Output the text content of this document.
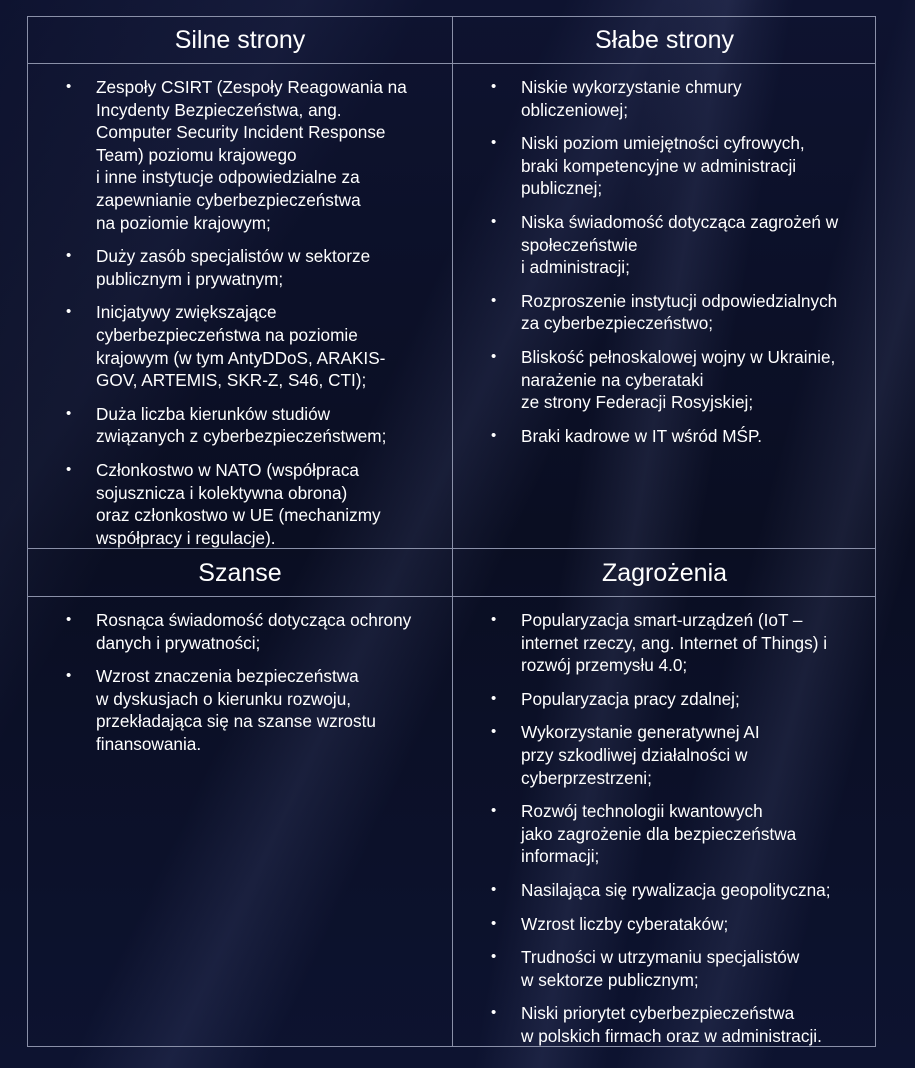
Silne strony
• Zespoły CSIRT (Zespoły Reagowania na
Incydenty Bezpieczeństwa, ang.
Computer Security Incident Response
Team) poziomu krajowego
i inne instytucje odpowiedzialne za
zapewnianie cyberbezpieczeństwa
na poziomie krajowym;
• Duży zasób specjalistów w sektorze
publicznym i prywatnym;
• Inicjatywy zwiększające
cyberbezpieczeństwa na poziomie
krajowym (w tym AntyDDoS, ARAKIS-
GOV, ARTEMIS, SKR-Z, S46, CTI);
• Duża liczba kierunków studiów
związanych z cyberbezpieczeństwem;
• Członkostwo w NATO (współpraca
sojusznicza i kolektywna obrona)
oraz członkostwo w UE (mechanizmy
współpracy i regulacje).
Słabe strony
• Niskie wykorzystanie chmury
obliczeniowej;
• Niski poziom umiejętności cyfrowych,
braki kompetencyjne w administracji
publicznej;
• Niska świadomość dotycząca zagrożeń w
społeczeństwie
i administracji;
• Rozproszenie instytucji odpowiedzialnych
za cyberbezpieczeństwo;
• Bliskość pełnoskalowej wojny w Ukrainie,
narażenie na cyberataki
ze strony Federacji Rosyjskiej;
• Braki kadrowe w IT wśród MŚP.
Szanse
• Rosnąca świadomość dotycząca ochrony
danych i prywatności;
• Wzrost znaczenia bezpieczeństwa
w dyskusjach o kierunku rozwoju,
przekładająca się na szanse wzrostu
finansowania.
Zagrożenia
• Popularyzacja smart-urządzeń (IoT –
internet rzeczy, ang. Internet of Things) i
rozwój przemysłu 4.0;
• Popularyzacja pracy zdalnej;
• Wykorzystanie generatywnej AI
przy szkodliwej działalności w
cyberprzestrzeni;
• Rozwój technologii kwantowych
jako zagrożenie dla bezpieczeństwa
informacji;
• Nasilająca się rywalizacja geopolityczna;
• Wzrost liczby cyberataków;
• Trudności w utrzymaniu specjalistów
w sektorze publicznym;
• Niski priorytet cyberbezpieczeństwa
w polskich firmach oraz w administracji.
